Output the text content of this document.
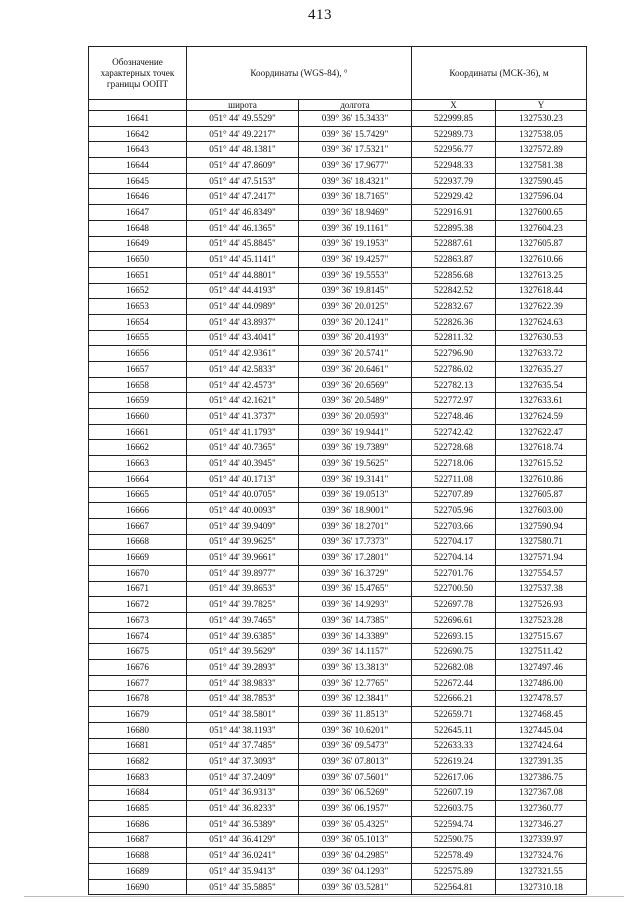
413
Обозначение характерных точек границы ООПТ	Координаты (WGS-84), °		Координаты (МСК-36), м	
	широта	долгота	X	Y
16641	051° 44' 49.5529"	039° 36' 15.3433"	522999.85	1327530.23
16642	051° 44' 49.2217"	039° 36' 15.7429"	522989.73	1327538.05
16643	051° 44' 48.1381"	039° 36' 17.5321"	522956.77	1327572.89
16644	051° 44' 47.8609"	039° 36' 17.9677"	522948.33	1327581.38
16645	051° 44' 47.5153"	039° 36' 18.4321"	522937.79	1327590.45
16646	051° 44' 47.2417"	039° 36' 18.7165"	522929.42	1327596.04
16647	051° 44' 46.8349"	039° 36' 18.9469"	522916.91	1327600.65
16648	051° 44' 46.1365"	039° 36' 19.1161"	522895.38	1327604.23
16649	051° 44' 45.8845"	039° 36' 19.1953"	522887.61	1327605.87
16650	051° 44' 45.1141"	039° 36' 19.4257"	522863.87	1327610.66
16651	051° 44' 44.8801"	039° 36' 19.5553"	522856.68	1327613.25
16652	051° 44' 44.4193"	039° 36' 19.8145"	522842.52	1327618.44
16653	051° 44' 44.0989"	039° 36' 20.0125"	522832.67	1327622.39
16654	051° 44' 43.8937"	039° 36' 20.1241"	522826.36	1327624.63
16655	051° 44' 43.4041"	039° 36' 20.4193"	522811.32	1327630.53
16656	051° 44' 42.9361"	039° 36' 20.5741"	522796.90	1327633.72
16657	051° 44' 42.5833"	039° 36' 20.6461"	522786.02	1327635.27
16658	051° 44' 42.4573"	039° 36' 20.6569"	522782.13	1327635.54
16659	051° 44' 42.1621"	039° 36' 20.5489"	522772.97	1327633.61
16660	051° 44' 41.3737"	039° 36' 20.0593"	522748.46	1327624.59
16661	051° 44' 41.1793"	039° 36' 19.9441"	522742.42	1327622.47
16662	051° 44' 40.7365"	039° 36' 19.7389"	522728.68	1327618.74
16663	051° 44' 40.3945"	039° 36' 19.5625"	522718.06	1327615.52
16664	051° 44' 40.1713"	039° 36' 19.3141"	522711.08	1327610.86
16665	051° 44' 40.0705"	039° 36' 19.0513"	522707.89	1327605.87
16666	051° 44' 40.0093"	039° 36' 18.9001"	522705.96	1327603.00
16667	051° 44' 39.9409"	039° 36' 18.2701"	522703.66	1327590.94
16668	051° 44' 39.9625"	039° 36' 17.7373"	522704.17	1327580.71
16669	051° 44' 39.9661"	039° 36' 17.2801"	522704.14	1327571.94
16670	051° 44' 39.8977"	039° 36' 16.3729"	522701.76	1327554.57
16671	051° 44' 39.8653"	039° 36' 15.4765"	522700.50	1327537.38
16672	051° 44' 39.7825"	039° 36' 14.9293"	522697.78	1327526.93
16673	051° 44' 39.7465"	039° 36' 14.7385"	522696.61	1327523.28
16674	051° 44' 39.6385"	039° 36' 14.3389"	522693.15	1327515.67
16675	051° 44' 39.5629"	039° 36' 14.1157"	522690.75	1327511.42
16676	051° 44' 39.2893"	039° 36' 13.3813"	522682.08	1327497.46
16677	051° 44' 38.9833"	039° 36' 12.7765"	522672.44	1327486.00
16678	051° 44' 38.7853"	039° 36' 12.3841"	522666.21	1327478.57
16679	051° 44' 38.5801"	039° 36' 11.8513"	522659.71	1327468.45
16680	051° 44' 38.1193"	039° 36' 10.6201"	522645.11	1327445.04
16681	051° 44' 37.7485"	039° 36' 09.5473"	522633.33	1327424.64
16682	051° 44' 37.3093"	039° 36' 07.8013"	522619.24	1327391.35
16683	051° 44' 37.2409"	039° 36' 07.5601"	522617.06	1327386.75
16684	051° 44' 36.9313"	039° 36' 06.5269"	522607.19	1327367.08
16685	051° 44' 36.8233"	039° 36' 06.1957"	522603.75	1327360.77
16686	051° 44' 36.5389"	039° 36' 05.4325"	522594.74	1327346.27
16687	051° 44' 36.4129"	039° 36' 05.1013"	522590.75	1327339.97
16688	051° 44' 36.0241"	039° 36' 04.2985"	522578.49	1327324.76
16689	051° 44' 35.9413"	039° 36' 04.1293"	522575.89	1327321.55
16690	051° 44' 35.5885"	039° 36' 03.5281"	522564.81	1327310.18
